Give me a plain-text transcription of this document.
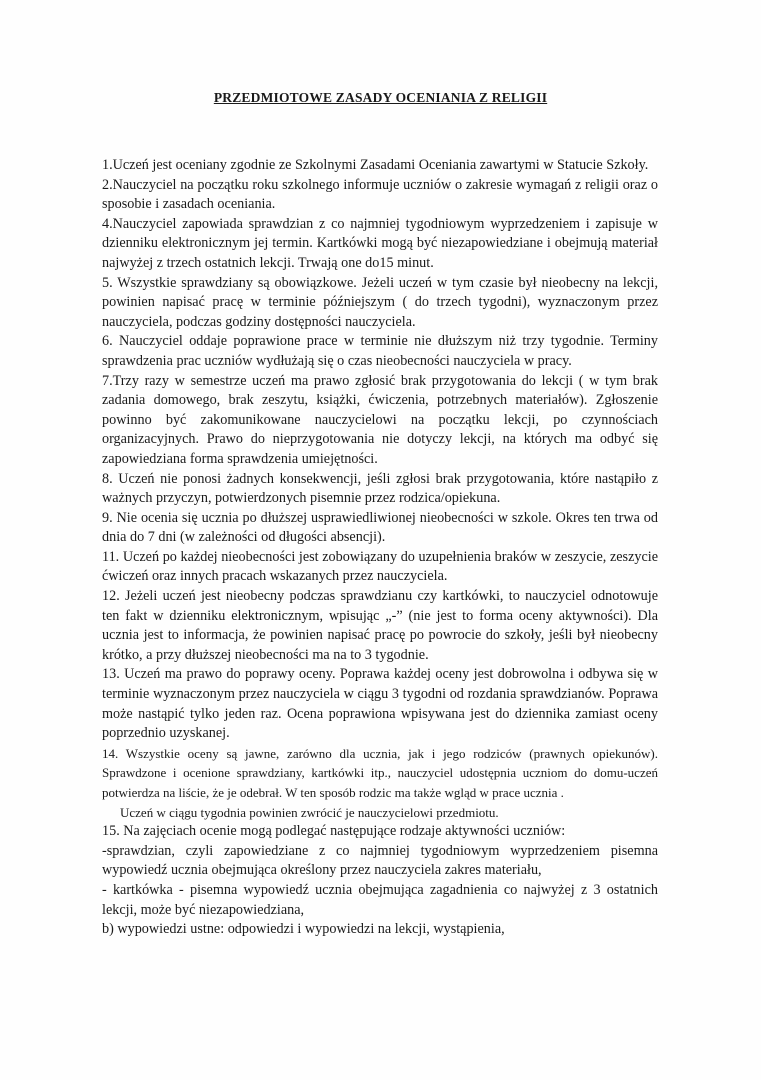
PRZEDMIOTOWE ZASADY OCENIANIA Z RELIGII

1.Uczeń jest oceniany zgodnie ze Szkolnymi Zasadami Oceniania zawartymi w Statucie Szkoły.

2.Nauczyciel na początku roku szkolnego informuje uczniów o zakresie wymagań z religii oraz o sposobie i zasadach oceniania.

4.Nauczyciel zapowiada sprawdzian z co najmniej tygodniowym wyprzedzeniem i zapisuje w dzienniku elektronicznym jej termin. Kartkówki mogą być niezapowiedziane i obejmują materiał najwyżej z trzech ostatnich lekcji. Trwają one do15 minut.

5. Wszystkie sprawdziany są obowiązkowe. Jeżeli uczeń w tym czasie był nieobecny na lekcji, powinien napisać pracę w terminie późniejszym ( do trzech tygodni), wyznaczonym przez nauczyciela, podczas godziny dostępności nauczyciela.

6. Nauczyciel oddaje poprawione prace w terminie nie dłuższym niż trzy tygodnie. Terminy sprawdzenia prac uczniów wydłużają się o czas nieobecności nauczyciela w pracy.

7.Trzy razy w semestrze uczeń ma prawo zgłosić brak przygotowania do lekcji ( w tym brak zadania domowego, brak zeszytu, książki, ćwiczenia, potrzebnych materiałów). Zgłoszenie powinno być zakomunikowane nauczycielowi na początku lekcji, po czynnościach organizacyjnych. Prawo do nieprzygotowania nie dotyczy lekcji, na których ma odbyć się zapowiedziana forma sprawdzenia umiejętności.

8. Uczeń nie ponosi żadnych konsekwencji, jeśli zgłosi brak przygotowania, które nastąpiło z ważnych przyczyn, potwierdzonych pisemnie przez rodzica/opiekuna.

9. Nie ocenia się ucznia po dłuższej usprawiedliwionej nieobecności w szkole. Okres ten trwa od dnia do 7 dni (w zależności od długości absencji).

11. Uczeń po każdej nieobecności jest zobowiązany do uzupełnienia braków w zeszycie, zeszycie ćwiczeń oraz innych pracach wskazanych przez nauczyciela.

12. Jeżeli uczeń jest nieobecny podczas sprawdzianu czy kartkówki, to nauczyciel odnotowuje ten fakt w dzienniku elektronicznym, wpisując „-” (nie jest to forma oceny aktywności). Dla ucznia jest to informacja, że powinien napisać pracę po powrocie do szkoły, jeśli był nieobecny krótko, a przy dłuższej nieobecności ma na to 3 tygodnie.

13. Uczeń ma prawo do poprawy oceny. Poprawa każdej oceny jest dobrowolna i odbywa się w terminie wyznaczonym przez nauczyciela w ciągu 3 tygodni od rozdania sprawdzianów. Poprawa może nastąpić tylko jeden raz. Ocena poprawiona wpisywana jest do dziennika zamiast oceny poprzednio uzyskanej.

14. Wszystkie oceny są jawne, zarówno dla ucznia, jak i jego rodziców (prawnych opiekunów). Sprawdzone i ocenione sprawdziany, kartkówki itp., nauczyciel udostępnia uczniom do domu-uczeń potwierdza na liście, że je odebrał. W ten sposób rodzic ma także wgląd w prace ucznia .

Uczeń w ciągu tygodnia powinien zwrócić je nauczycielowi przedmiotu.

15. Na zajęciach ocenie mogą podlegać następujące rodzaje aktywności uczniów:

-sprawdzian, czyli zapowiedziane z co najmniej tygodniowym wyprzedzeniem pisemna wypowiedź ucznia obejmująca określony przez nauczyciela zakres materiału,

- kartkówka - pisemna wypowiedź ucznia obejmująca zagadnienia co najwyżej z 3 ostatnich lekcji, może być niezapowiedziana,

b) wypowiedzi ustne: odpowiedzi i wypowiedzi na lekcji, wystąpienia,
